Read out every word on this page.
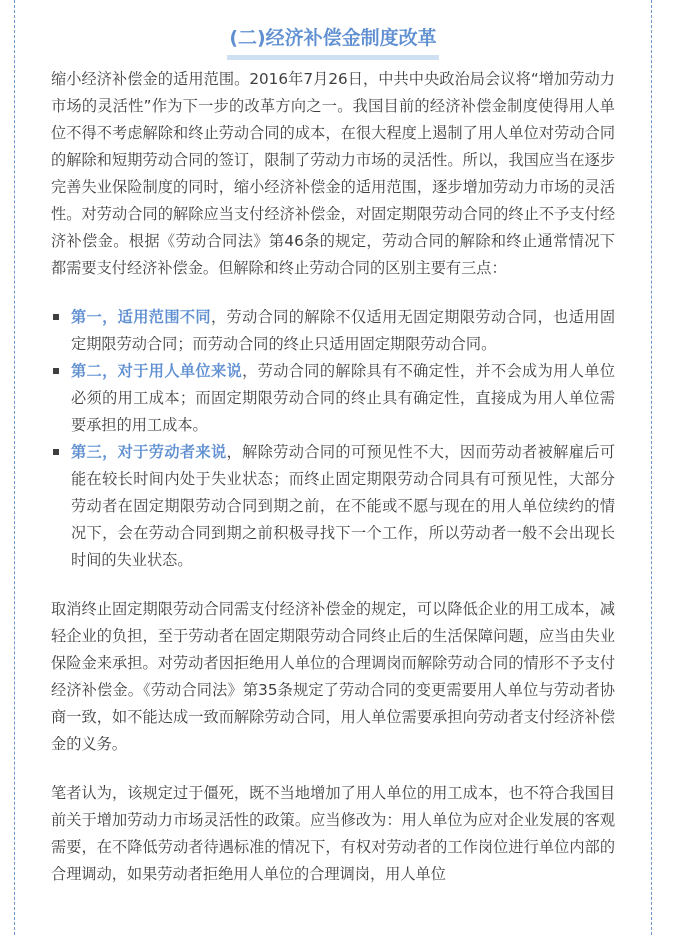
(二)经济补偿金制度改革

缩小经济补偿金的适用范围。2016年7月26日，中共中央政治局会议将“增加劳动力市场的灵活性”作为下一步的改革方向之一。我国目前的经济补偿金制度使得用人单位不得不考虑解除和终止劳动合同的成本，在很大程度上遏制了用人单位对劳动合同的解除和短期劳动合同的签订，限制了劳动力市场的灵活性。所以，我国应当在逐步完善失业保险制度的同时，缩小经济补偿金的适用范围，逐步增加劳动力市场的灵活性。对劳动合同的解除应当支付经济补偿金，对固定期限劳动合同的终止不予支付经济补偿金。根据《劳动合同法》第46条的规定，劳动合同的解除和终止通常情况下都需要支付经济补偿金。但解除和终止劳动合同的区别主要有三点：

第一，适用范围不同，劳动合同的解除不仅适用无固定期限劳动合同，也适用固定期限劳动合同；而劳动合同的终止只适用固定期限劳动合同。
第二，对于用人单位来说，劳动合同的解除具有不确定性，并不会成为用人单位必须的用工成本；而固定期限劳动合同的终止具有确定性，直接成为用人单位需要承担的用工成本。
第三，对于劳动者来说，解除劳动合同的可预见性不大，因而劳动者被解雇后可能在较长时间内处于失业状态；而终止固定期限劳动合同具有可预见性，大部分劳动者在固定期限劳动合同到期之前，在不能或不愿与现在的用人单位续约的情况下，会在劳动合同到期之前积极寻找下一个工作，所以劳动者一般不会出现长时间的失业状态。

取消终止固定期限劳动合同需支付经济补偿金的规定，可以降低企业的用工成本，减轻企业的负担，至于劳动者在固定期限劳动合同终止后的生活保障问题，应当由失业保险金来承担。对劳动者因拒绝用人单位的合理调岗而解除劳动合同的情形不予支付经济补偿金。《劳动合同法》第35条规定了劳动合同的变更需要用人单位与劳动者协商一致，如不能达成一致而解除劳动合同，用人单位需要承担向劳动者支付经济补偿金的义务。

笔者认为，该规定过于僵死，既不当地增加了用人单位的用工成本，也不符合我国目前关于增加劳动力市场灵活性的政策。应当修改为：用人单位为应对企业发展的客观需要，在不降低劳动者待遇标准的情况下，有权对劳动者的工作岗位进行单位内部的合理调动，如果劳动者拒绝用人单位的合理调岗，用人单位
